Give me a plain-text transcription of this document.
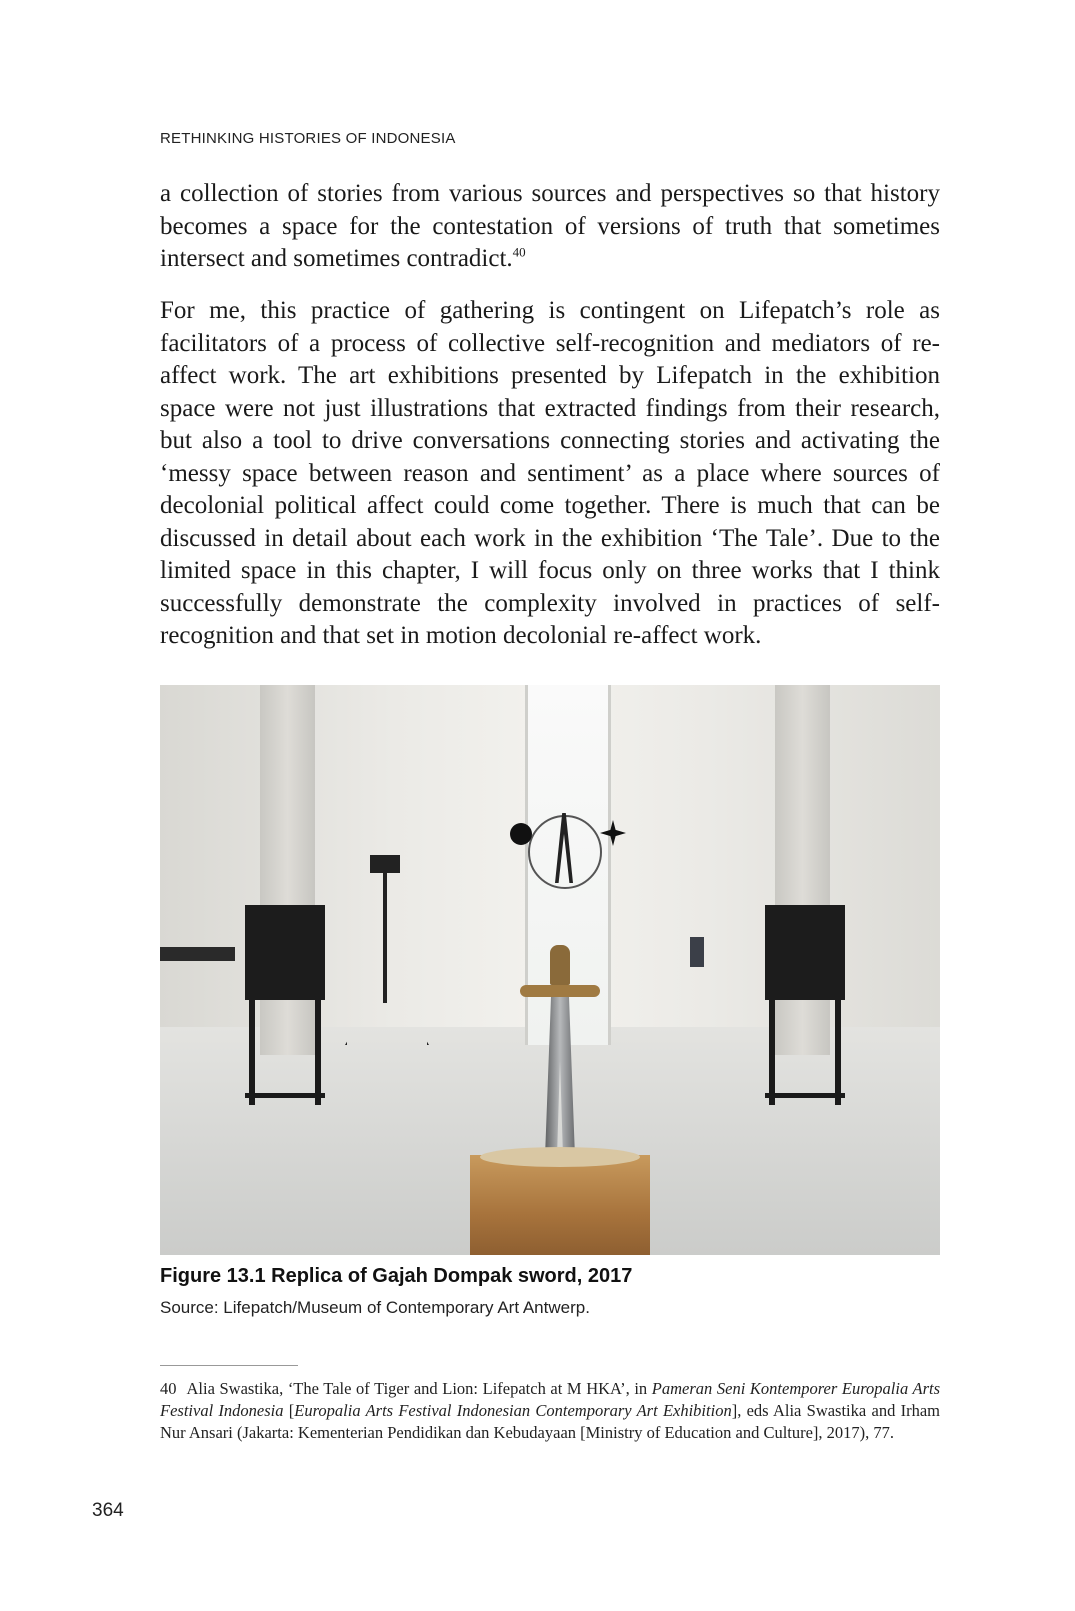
RETHINKING HISTORIES OF INDONESIA

a collection of stories from various sources and perspectives so that history becomes a space for the contestation of versions of truth that sometimes intersect and sometimes contradict.$^{40}$

For me, this practice of gathering is contingent on Lifepatch’s role as facilitators of a process of collective self-recognition and mediators of re-affect work. The art exhibitions presented by Lifepatch in the exhibition space were not just illustrations that extracted findings from their research, but also a tool to drive conversations connecting stories and activating the ‘messy space between reason and sentiment’ as a place where sources of decolonial political affect could come together. There is much that can be discussed in detail about each work in the exhibition ‘The Tale’. Due to the limited space in this chapter, I will focus only on three works that I think successfully demonstrate the complexity involved in practices of self-recognition and that set in motion decolonial re-affect work.

Figure 13.1 Replica of Gajah Dompak sword, 2017

Source: Lifepatch/Museum of Contemporary Art Antwerp.

40 Alia Swastika, ‘The Tale of Tiger and Lion: Lifepatch at M HKA’, in Pameran Seni Kontemporer Europalia Arts Festival Indonesia [Europalia Arts Festival Indonesian Contemporary Art Exhibition], eds Alia Swastika and Irham Nur Ansari (Jakarta: Kementerian Pendidikan dan Kebudayaan [Ministry of Education and Culture], 2017), 77.

364
